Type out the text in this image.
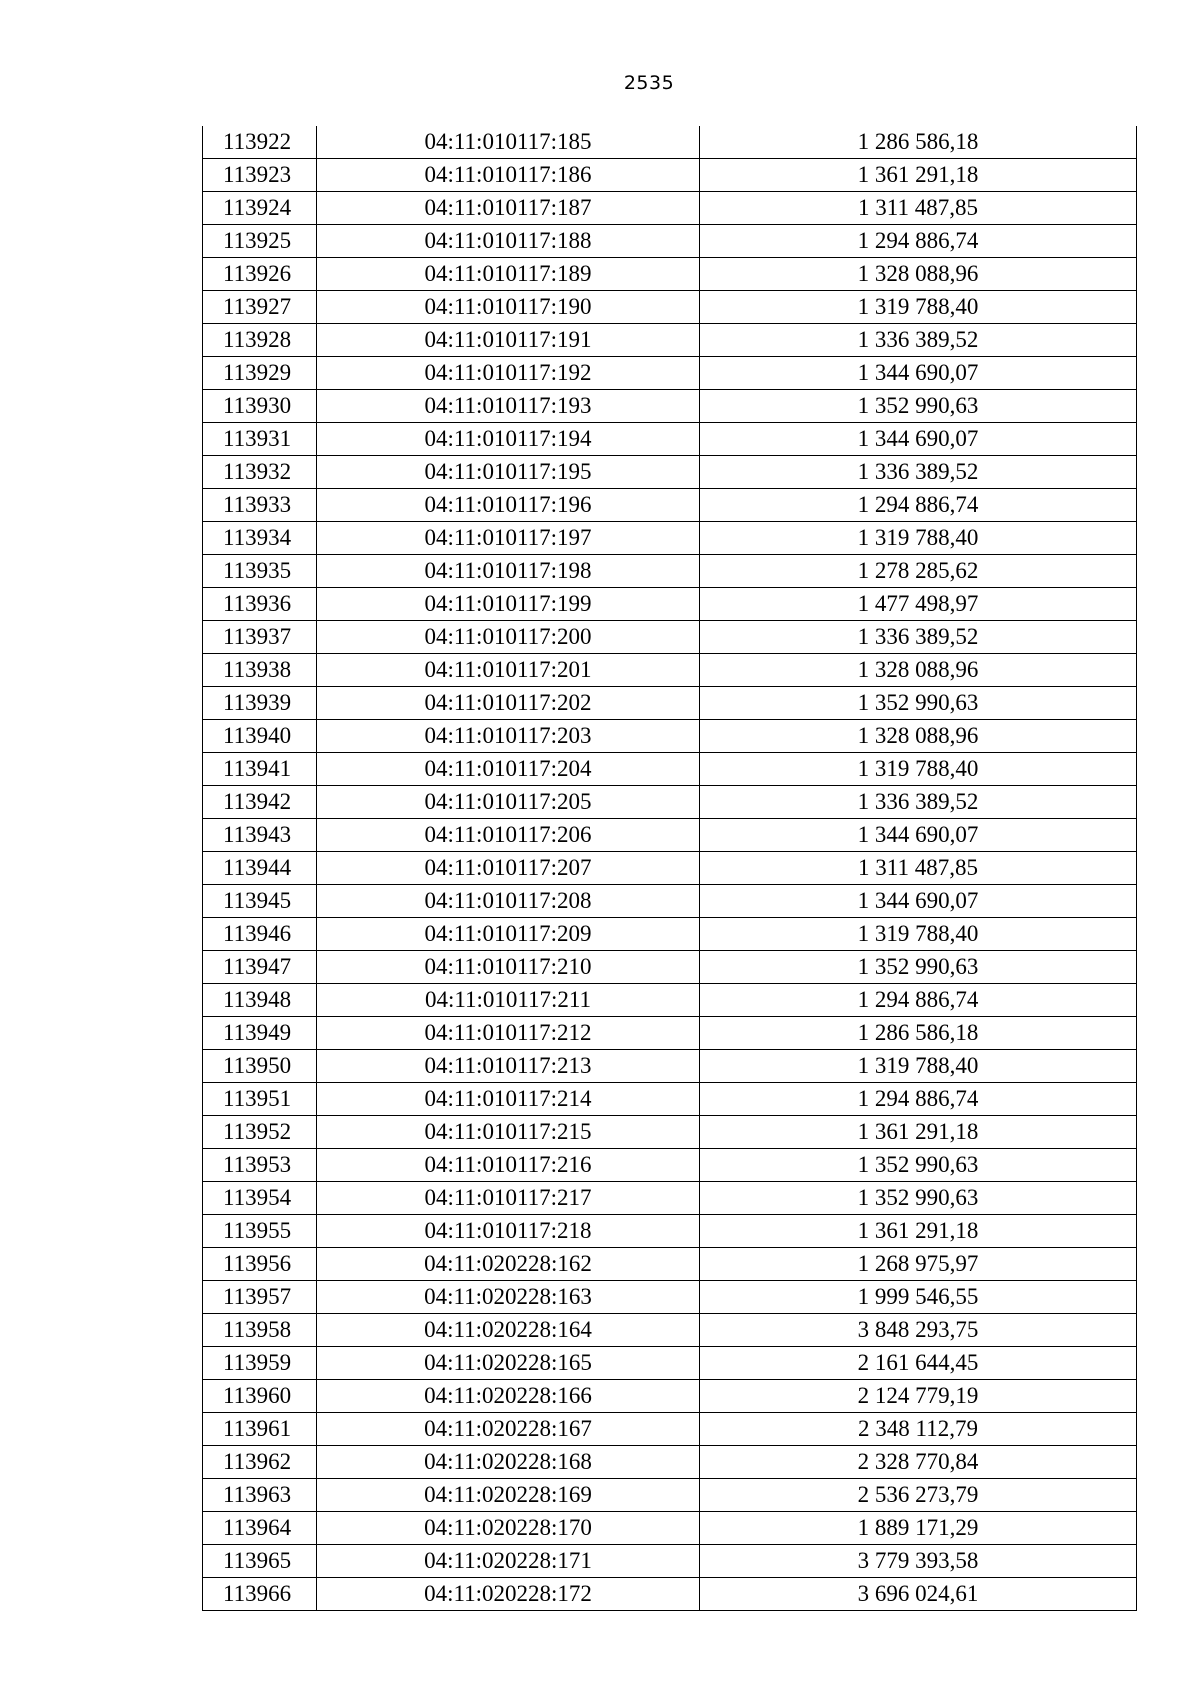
2535
113922	04:11:010117:185	1 286 586,18
113923	04:11:010117:186	1 361 291,18
113924	04:11:010117:187	1 311 487,85
113925	04:11:010117:188	1 294 886,74
113926	04:11:010117:189	1 328 088,96
113927	04:11:010117:190	1 319 788,40
113928	04:11:010117:191	1 336 389,52
113929	04:11:010117:192	1 344 690,07
113930	04:11:010117:193	1 352 990,63
113931	04:11:010117:194	1 344 690,07
113932	04:11:010117:195	1 336 389,52
113933	04:11:010117:196	1 294 886,74
113934	04:11:010117:197	1 319 788,40
113935	04:11:010117:198	1 278 285,62
113936	04:11:010117:199	1 477 498,97
113937	04:11:010117:200	1 336 389,52
113938	04:11:010117:201	1 328 088,96
113939	04:11:010117:202	1 352 990,63
113940	04:11:010117:203	1 328 088,96
113941	04:11:010117:204	1 319 788,40
113942	04:11:010117:205	1 336 389,52
113943	04:11:010117:206	1 344 690,07
113944	04:11:010117:207	1 311 487,85
113945	04:11:010117:208	1 344 690,07
113946	04:11:010117:209	1 319 788,40
113947	04:11:010117:210	1 352 990,63
113948	04:11:010117:211	1 294 886,74
113949	04:11:010117:212	1 286 586,18
113950	04:11:010117:213	1 319 788,40
113951	04:11:010117:214	1 294 886,74
113952	04:11:010117:215	1 361 291,18
113953	04:11:010117:216	1 352 990,63
113954	04:11:010117:217	1 352 990,63
113955	04:11:010117:218	1 361 291,18
113956	04:11:020228:162	1 268 975,97
113957	04:11:020228:163	1 999 546,55
113958	04:11:020228:164	3 848 293,75
113959	04:11:020228:165	2 161 644,45
113960	04:11:020228:166	2 124 779,19
113961	04:11:020228:167	2 348 112,79
113962	04:11:020228:168	2 328 770,84
113963	04:11:020228:169	2 536 273,79
113964	04:11:020228:170	1 889 171,29
113965	04:11:020228:171	3 779 393,58
113966	04:11:020228:172	3 696 024,61
